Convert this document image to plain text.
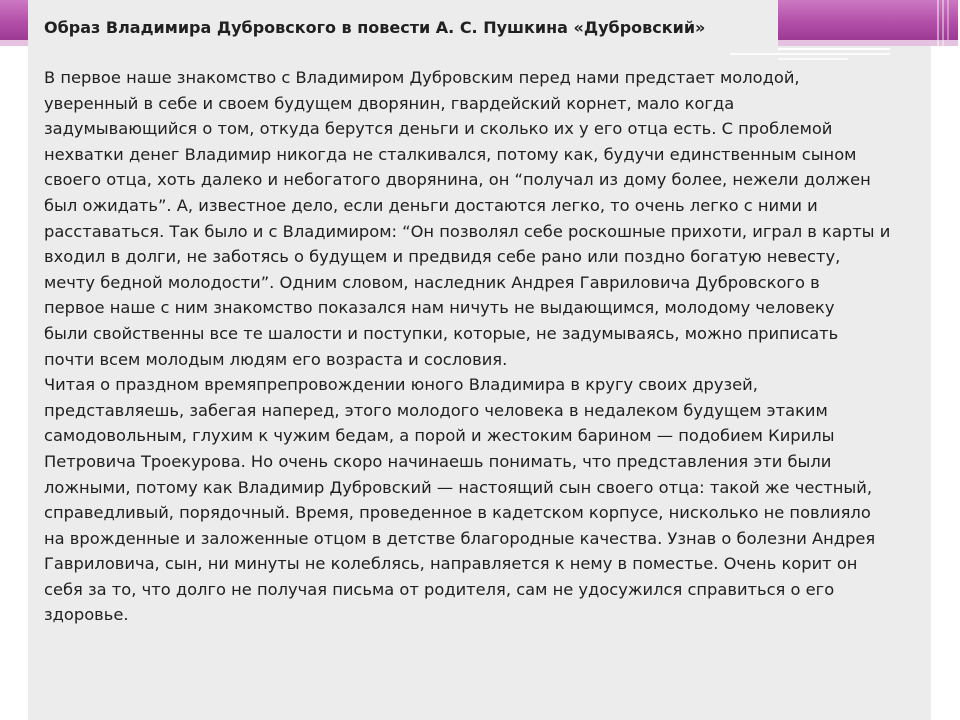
Образ Владимира Дубровского в повести А. С. Пушкина «Дубровский»

В первое наше знакомство с Владимиром Дубровским перед нами предстает молодой,
уверенный в себе и своем будущем дворянин, гвардейский корнет, мало когда
задумывающийся о том, откуда берутся деньги и сколько их у его отца есть. С проблемой
нехватки денег Владимир никогда не сталкивался, потому как, будучи единственным сыном
своего отца, хоть далеко и небогатого дворянина, он “получал из дому более, нежели должен
был ожидать”. А, известное дело, если деньги достаются легко, то очень легко с ними и
расставаться. Так было и с Владимиром: “Он позволял себе роскошные прихоти, играл в карты и
входил в долги, не заботясь о будущем и предвидя себе рано или поздно богатую невесту,
мечту бедной молодости”. Одним словом, наследник Андрея Гавриловича Дубровского в
первое наше с ним знакомство показался нам ничуть не выдающимся, молодому человеку
были свойственны все те шалости и поступки, которые, не задумываясь, можно приписать
почти всем молодым людям его возраста и сословия.

Читая о праздном времяпрепровождении юного Владимира в кругу своих друзей,
представляешь, забегая наперед, этого молодого человека в недалеком будущем этаким
самодовольным, глухим к чужим бедам, а порой и жестоким барином — подобием Кирилы
Петровича Троекурова. Но очень скоро начинаешь понимать, что представления эти были
ложными, потому как Владимир Дубровский — настоящий сын своего отца: такой же честный,
справедливый, порядочный. Время, проведенное в кадетском корпусе, нисколько не повлияло
на врожденные и заложенные отцом в детстве благородные качества. Узнав о болезни Андрея
Гавриловича, сын, ни минуты не колеблясь, направляется к нему в поместье. Очень корит он
себя за то, что долго не получая письма от родителя, сам не удосужился справиться о его
здоровье.
